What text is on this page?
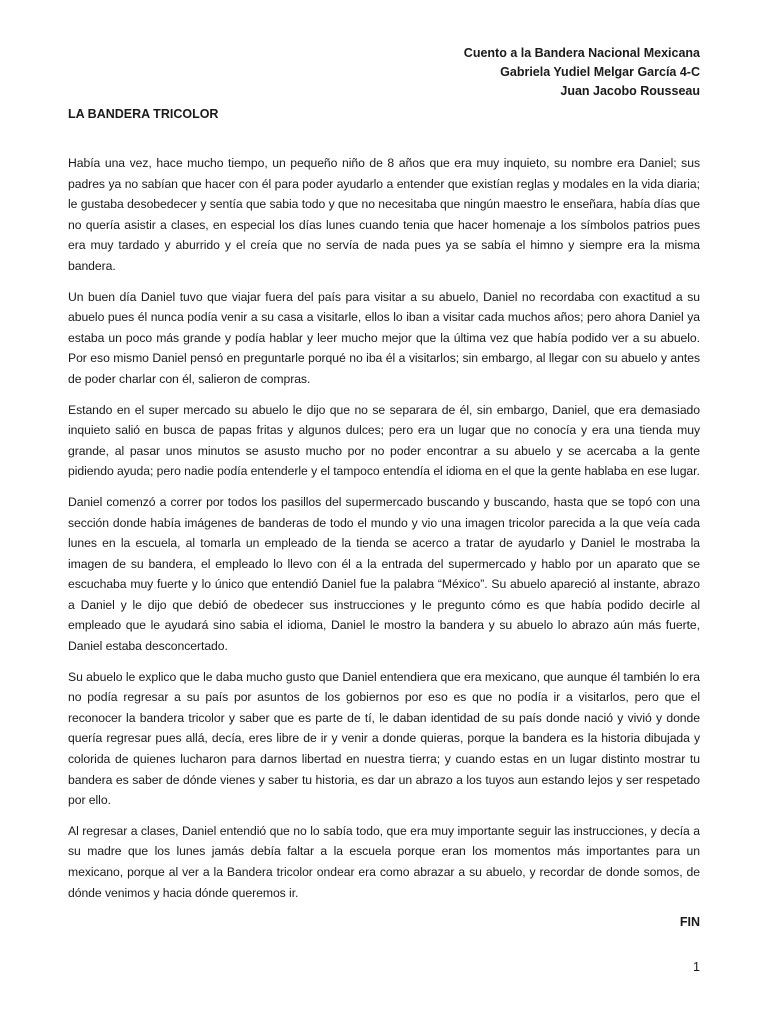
Cuento a la Bandera Nacional Mexicana
Gabriela Yudiel Melgar García 4-C
Juan Jacobo Rousseau
LA BANDERA TRICOLOR

Había una vez, hace mucho tiempo, un pequeño niño de 8 años que era muy inquieto, su nombre era Daniel; sus padres ya no sabían que hacer con él para poder ayudarlo a entender que existían reglas y modales en la vida diaria; le gustaba desobedecer y sentía que sabia todo y que no necesitaba que ningún maestro le enseñara, había días que no quería asistir a clases, en especial los días lunes cuando tenia que hacer homenaje a los símbolos patrios pues era muy tardado y aburrido y el creía que no servía de nada pues ya se sabía el himno y siempre era la misma bandera.

Un buen día Daniel tuvo que viajar fuera del país para visitar a su abuelo, Daniel no recordaba con exactitud a su abuelo pues él nunca podía venir a su casa a visitarle, ellos lo iban a visitar cada muchos años; pero ahora Daniel ya estaba un poco más grande y podía hablar y leer mucho mejor que la última vez que había podido ver a su abuelo. Por eso mismo Daniel pensó en preguntarle porqué no iba él a visitarlos; sin embargo, al llegar con su abuelo y antes de poder charlar con él, salieron de compras.

Estando en el super mercado su abuelo le dijo que no se separara de él, sin embargo, Daniel, que era demasiado inquieto salió en busca de papas fritas y algunos dulces; pero era un lugar que no conocía y era una tienda muy grande, al pasar unos minutos se asusto mucho por no poder encontrar a su abuelo y se acercaba a la gente pidiendo ayuda; pero nadie podía entenderle y el tampoco entendía el idioma en el que la gente hablaba en ese lugar.

Daniel comenzó a correr por todos los pasillos del supermercado buscando y buscando, hasta que se topó con una sección donde había imágenes de banderas de todo el mundo y vio una imagen tricolor parecida a la que veía cada lunes en la escuela, al tomarla un empleado de la tienda se acerco a tratar de ayudarlo y Daniel le mostraba la imagen de su bandera, el empleado lo llevo con él a la entrada del supermercado y hablo por un aparato que se escuchaba muy fuerte y lo único que entendió Daniel fue la palabra “México”. Su abuelo apareció al instante, abrazo a Daniel y le dijo que debió de obedecer sus instrucciones y le pregunto cómo es que había podido decirle al empleado que le ayudará sino sabia el idioma, Daniel le mostro la bandera y su abuelo lo abrazo aún más fuerte, Daniel estaba desconcertado.

Su abuelo le explico que le daba mucho gusto que Daniel entendiera que era mexicano, que aunque él también lo era no podía regresar a su país por asuntos de los gobiernos por eso es que no podía ir a visitarlos, pero que el reconocer la bandera tricolor y saber que es parte de tí, le daban identidad de su país donde nació y vivió y donde quería regresar pues allá, decía, eres libre de ir y venir a donde quieras, porque la bandera es la historia dibujada y colorida de quienes lucharon para darnos libertad en nuestra tierra; y cuando estas en un lugar distinto mostrar tu bandera es saber de dónde vienes y saber tu historia, es dar un abrazo a los tuyos aun estando lejos y ser respetado por ello.

Al regresar a clases, Daniel entendió que no lo sabía todo, que era muy importante seguir las instrucciones, y decía a su madre que los lunes jamás debía faltar a la escuela porque eran los momentos más importantes para un mexicano, porque al ver a la Bandera tricolor ondear era como abrazar a su abuelo, y recordar de donde somos, de dónde venimos y hacia dónde queremos ir.

FIN
1
